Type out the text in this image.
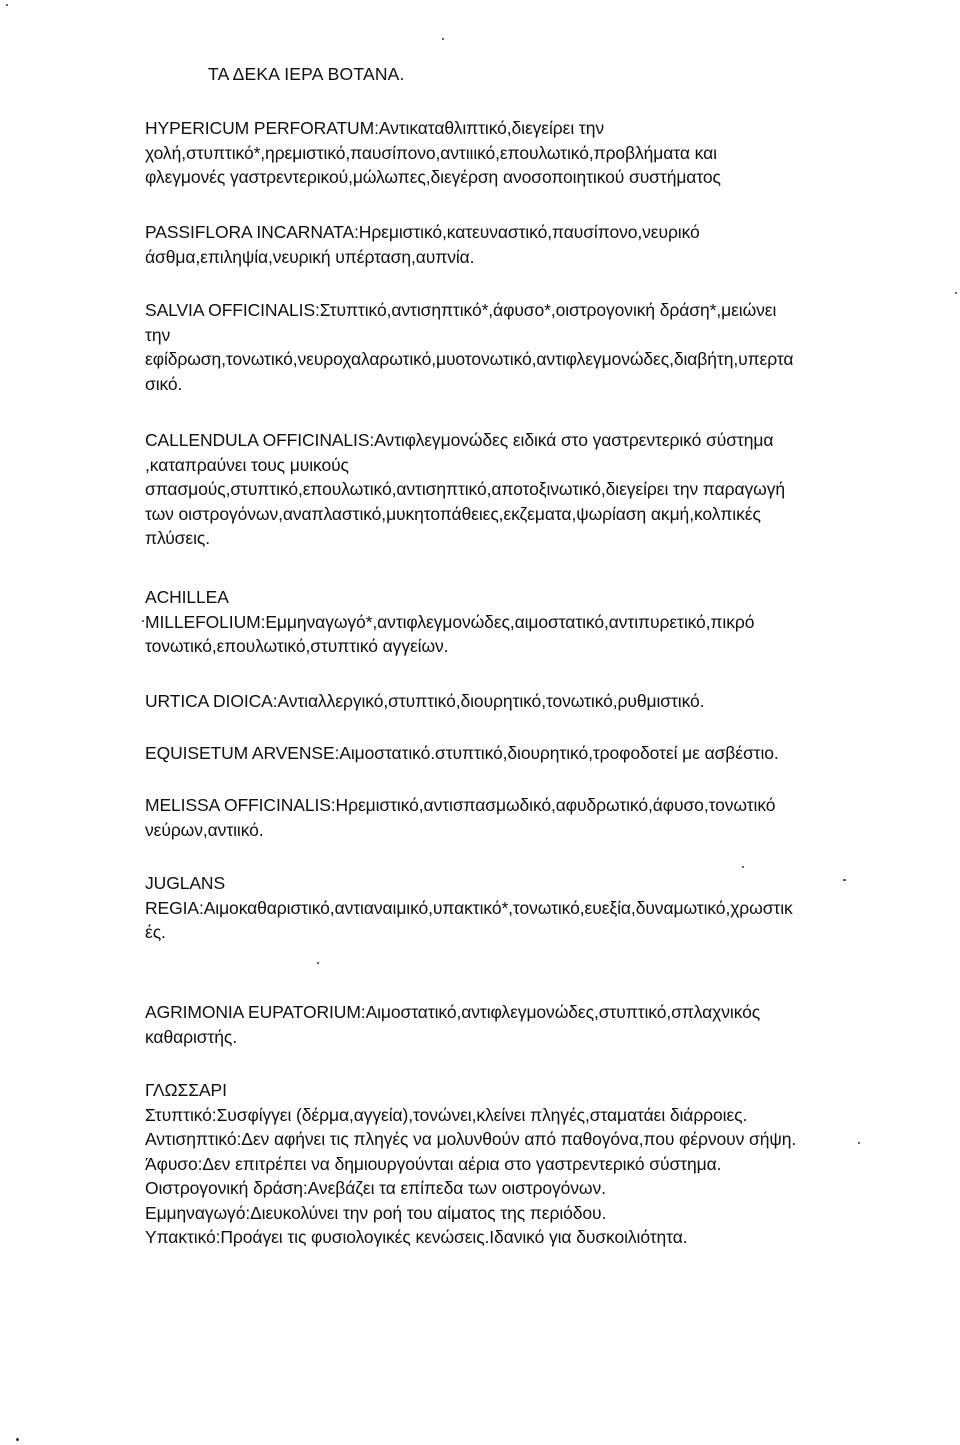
ΤΑ ΔΕΚΑ ΙΕΡΑ ΒΟΤΑΝΑ.
HYPERICUM PERFORATUM:Αντικαταθλιπτικό,διεγείρει την
χολή,στυπτικό*,ηρεμιστικό,παυσίπονο,αντιιικό,επουλωτικό,προβλήματα και
φλεγμονές γαστρεντερικού,μώλωπες,διεγέρση ανοσοποιητικού συστήματος
PASSIFLORA INCARNATA:Ηρεμιστικό,κατευναστικό,παυσίπονο,νευρικό
άσθμα,επιληψία,νευρική υπέρταση,αυπνία.
SALVIA OFFICINALIS:Στυπτικό,αντισηπτικό*,άφυσο*,οιστρογονική δράση*,μειώνει
την
εφίδρωση,τονωτικό,νευροχαλαρωτικό,μυοτονωτικό,αντιφλεγμονώδες,διαβήτη,υπερτα
σικό.
CALLENDULA OFFICINALIS:Αντιφλεγμονώδες ειδικά στο γαστρεντερικό σύστημα
,καταπραύνει τους μυικούς
σπασμούς,στυπτικό,επουλωτικό,αντισηπτικό,αποτοξινωτικό,διεγείρει την παραγωγή
των οιστρογόνων,αναπλαστικό,μυκητοπάθειες,εκζεματα,ψωρίαση ακμή,κολπικές
πλύσεις.
ACHILLEA
MILLEFOLIUM:Εμμηναγωγό*,αντιφλεγμονώδες,αιμοστατικό,αντιπυρετικό,πικρό
τονωτικό,επουλωτικό,στυπτικό αγγείων.
URTICA DIOICA:Αντιαλλεργικό,στυπτικό,διουρητικό,τονωτικό,ρυθμιστικό.
EQUISETUM ARVENSE:Αιμοστατικό.στυπτικό,διουρητικό,τροφοδοτεί με ασβέστιο.
MELISSA OFFICINALIS:Ηρεμιστικό,αντισπασμωδικό,αφυδρωτικό,άφυσο,τονωτικό
νεύρων,αντιικό.
JUGLANS
REGIA:Αιμοκαθαριστικό,αντιαναιμικό,υπακτικό*,τονωτικό,ευεξία,δυναμωτικό,χρωστικ
ές.
AGRIMONIA EUPATORIUM:Αιμοστατικό,αντιφλεγμονώδες,στυπτικό,σπλαχνικός
καθαριστής.
ΓΛΩΣΣΑΡΙ
Στυπτικό:Συσφίγγει (δέρμα,αγγεία),τονώνει,κλείνει πληγές,σταματάει διάρροιες.
Αντισηπτικό:Δεν αφήνει τις πληγές να μολυνθούν από παθογόνα,που φέρνουν σήψη.
Άφυσο:Δεν επιτρέπει να δημιουργούνται αέρια στο γαστρεντερικό σύστημα.
Οιστρογονική δράση:Ανεβάζει τα επίπεδα των οιστρογόνων.
Εμμηναγωγό:Διευκολύνει την ροή του αίματος της περιόδου.
Υπακτικό:Προάγει τις φυσιολογικές κενώσεις.Ιδανικό για δυσκοιλιότητα.
